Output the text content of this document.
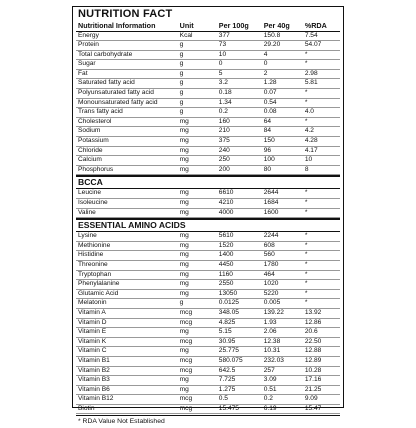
NUTRITION FACT
Nutritional Information	Unit	Per 100g	Per 40g	%RDA
Energy	Kcal	377	150.8	7.54
Protein	g	73	29.20	54.07
Total carbohydrate	g	10	4	*
Sugar	g	0	0	*
Fat	g	5	2	2.98
Saturated fatty acid	g	3.2	1.28	5.81
Polyunsaturated fatty acid	g	0.18	0.07	*
Monounsaturated fatty acid	g	1.34	0.54	*
Trans fatty acid	g	0.2	0.08	4.0
Cholesterol	mg	160	64	*
Sodium	mg	210	84	4.2
Potassium	mg	375	150	4.28
Chloride	mg	240	96	4.17
Calcium	mg	250	100	10
Phosphorus	mg	200	80	8
BCCA
Leucine	mg	6610	2644	*
Isoleucine	mg	4210	1684	*
Valine	mg	4000	1600	*
ESSENTIAL AMINO ACIDS
Lysine	mg	5610	2244	*
Methionine	mg	1520	608	*
Histidine	mg	1400	560	*
Threonine	mg	4450	1780	*
Tryptophan	mg	1160	464	*
Phenylalanine	mg	2550	1020	*
Glutamic Acid	mg	13050	5220	*
Melatonin	g	0.0125	0.005	*
Vitamin A	mcg	348.05	139.22	13.92
Vitamin D	mcg	4.825	1.93	12.86
Vitamin E	mg	5.15	2.06	20.6
Vitamin K	mcg	30.95	12.38	22.50
Vitamin C	mg	25.775	10.31	12.88
Vitamin B1	mcg	580.075	232.03	12.89
Vitamin B2	mcg	642.5	257	10.28
Vitamin B3	mg	7.725	3.09	17.16
Vitamin B6	mg	1.275	0.51	21.25
Vitamin B12	mcg	0.5	0.2	9.09
Biotin	mcg	15.475	6.19	15.47
* RDA Value Not Established
